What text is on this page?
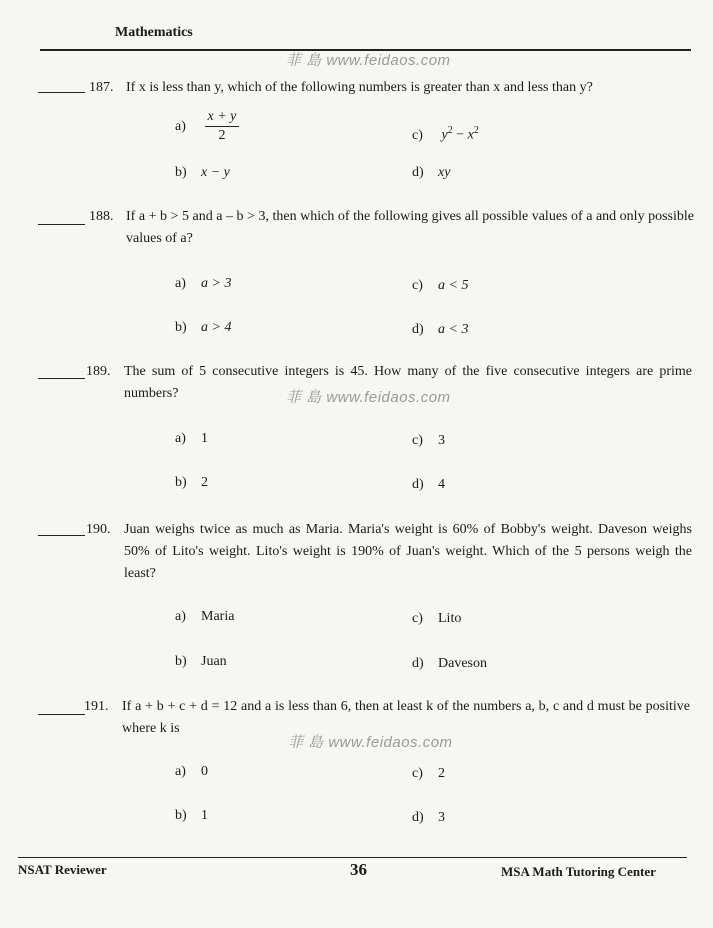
Mathematics
菲 島 www.feidaos.com
187. If x is less than y, which of the following numbers is greater than x and less than y?
$a) \frac{x + y}{2}$	c) $y^2 - x^2$
b) x − y	d) xy
188. If a + b > 5 and a – b > 3, then which of the following gives all possible values of a and only possible values of a?
a) a > 3	c) a < 5
b) a > 4	d) a < 3
189. The sum of 5 consecutive integers is 45. How many of the five consecutive integers are prime numbers?	菲 島 www.feidaos.com
a) 1	c) 3
b) 2	d) 4
190. Juan weighs twice as much as Maria. Maria's weight is 60% of Bobby's weight. Daveson weighs 50% of Lito's weight. Lito's weight is 190% of Juan's weight. Which of the 5 persons weigh the least?
a) Maria	c) Lito
b) Juan	d) Daveson
191. If a + b + c + d = 12 and a is less than 6, then at least k of the numbers a, b, c and d must be positive where k is
菲 島 www.feidaos.com
a) 0	c) 2
b) 1	d) 3
NSAT Reviewer	36	MSA Math Tutoring Center
